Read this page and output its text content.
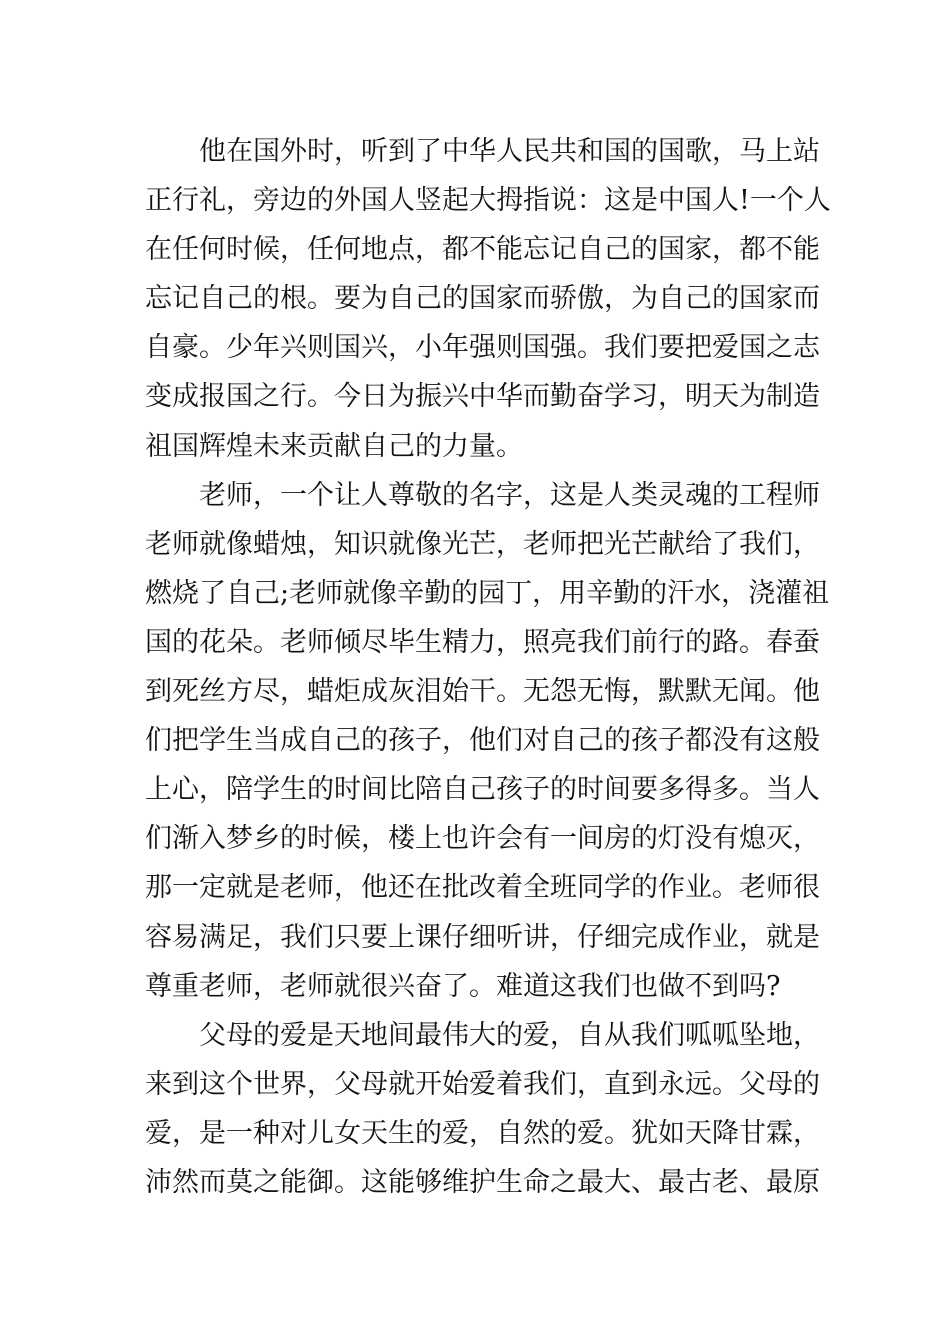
他在国外时，听到了中华人民共和国的国歌，马上站
正行礼，旁边的外国人竖起大拇指说：这是中国人!一个人
在任何时候，任何地点，都不能忘记自己的国家，都不能
忘记自己的根。要为自己的国家而骄傲，为自己的国家而
自豪。少年兴则国兴，小年强则国强。我们要把爱国之志
变成报国之行。今日为振兴中华而勤奋学习，明天为制造
祖国辉煌未来贡献自己的力量。
老师，一个让人尊敬的名字，这是人类灵魂的工程师
老师就像蜡烛，知识就像光芒，老师把光芒献给了我们，
燃烧了自己;老师就像辛勤的园丁，用辛勤的汗水，浇灌祖
国的花朵。老师倾尽毕生精力，照亮我们前行的路。春蚕
到死丝方尽，蜡炬成灰泪始干。无怨无悔，默默无闻。他
们把学生当成自己的孩子，他们对自己的孩子都没有这般
上心，陪学生的时间比陪自己孩子的时间要多得多。当人
们渐入梦乡的时候，楼上也许会有一间房的灯没有熄灭，
那一定就是老师，他还在批改着全班同学的作业。老师很
容易满足，我们只要上课仔细听讲，仔细完成作业，就是
尊重老师，老师就很兴奋了。难道这我们也做不到吗?
父母的爱是天地间最伟大的爱，自从我们呱呱坠地，
来到这个世界，父母就开始爱着我们，直到永远。父母的
爱，是一种对儿女天生的爱，自然的爱。犹如天降甘霖，
沛然而莫之能御。这能够维护生命之最大、最古老、最原
